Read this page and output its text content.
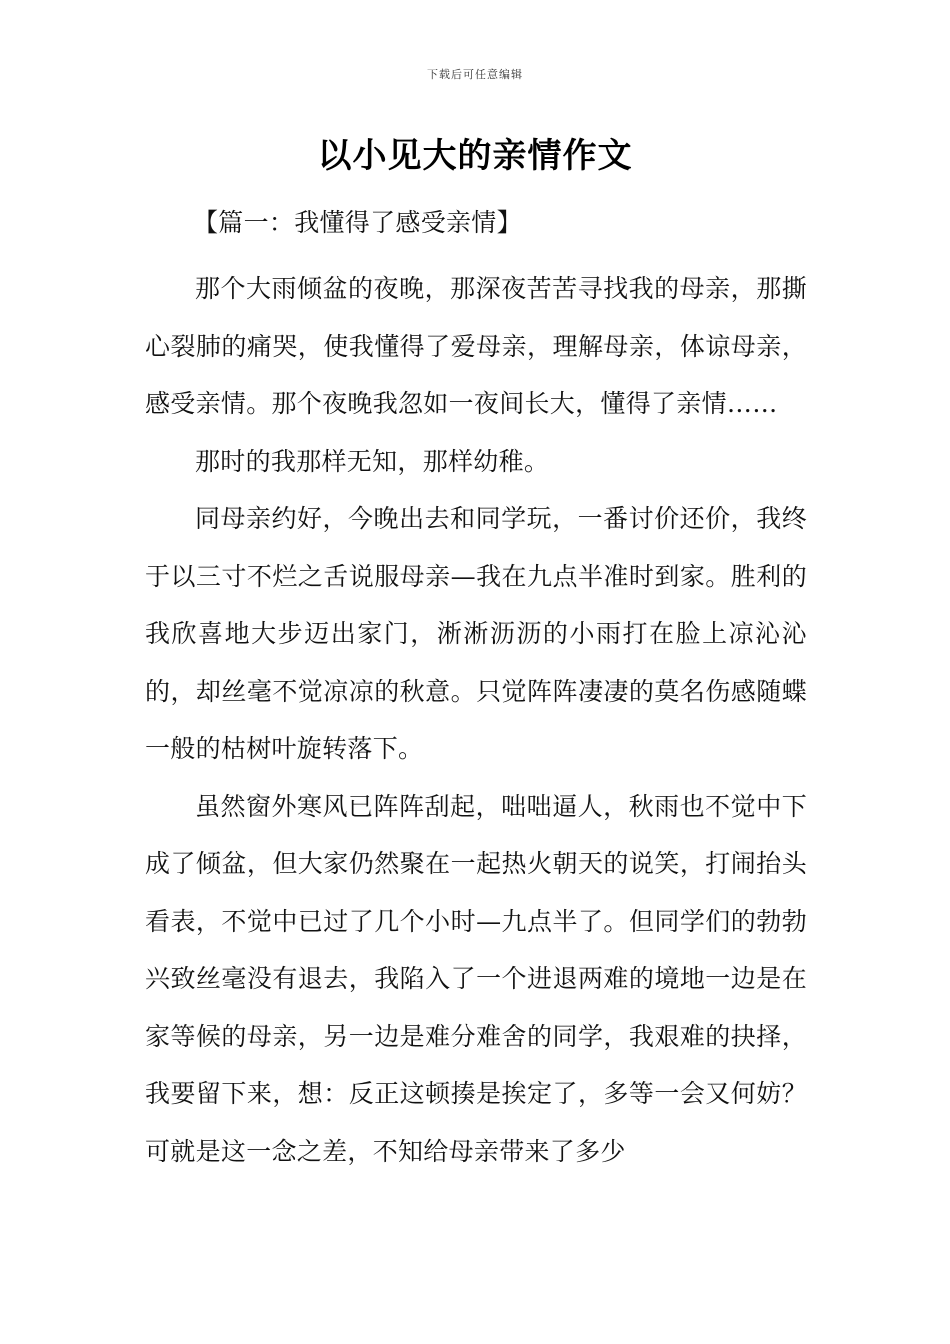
下载后可任意编辑
以小见大的亲情作文

【篇一：我懂得了感受亲情】

那个大雨倾盆的夜晚，那深夜苦苦寻找我的母亲，那撕心裂肺的痛哭，使我懂得了爱母亲，理解母亲，体谅母亲，感受亲情。那个夜晚我忽如一夜间长大，懂得了亲情……

那时的我那样无知，那样幼稚。

同母亲约好，今晚出去和同学玩，一番讨价还价，我终于以三寸不烂之舌说服母亲—我在九点半准时到家。胜利的我欣喜地大步迈出家门，淅淅沥沥的小雨打在脸上凉沁沁的，却丝毫不觉凉凉的秋意。只觉阵阵凄凄的莫名伤感随蝶一般的枯树叶旋转落下。

虽然窗外寒风已阵阵刮起，咄咄逼人，秋雨也不觉中下成了倾盆，但大家仍然聚在一起热火朝天的说笑，打闹抬头看表，不觉中已过了几个小时—九点半了。但同学们的勃勃兴致丝毫没有退去，我陷入了一个进退两难的境地一边是在家等候的母亲，另一边是难分难舍的同学，我艰难的抉择，我要留下来，想：反正这顿揍是挨定了，多等一会又何妨？可就是这一念之差，不知给母亲带来了多少
